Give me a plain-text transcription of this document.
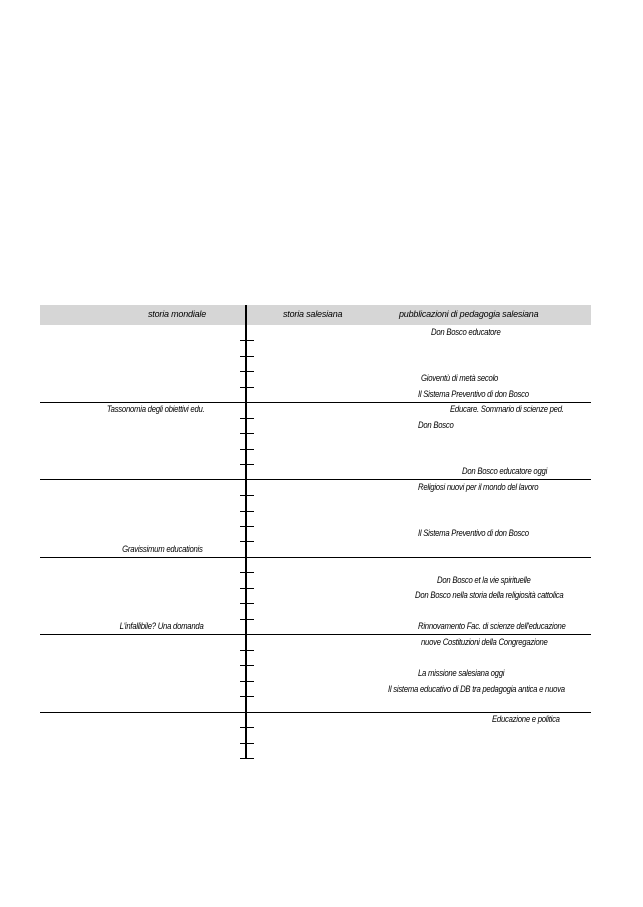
storia mondiale	storia salesiana	pubblicazioni di pedagogia salesiana
Tassonomia degli obiettivi edu.
Gravissimum educationis
L'infallibile? Una domanda
Don Bosco educatore
Gioventù di metà secolo
Il Sistema Preventivo di don Bosco
Educare. Sommario di scienze ped.
Don Bosco
Don Bosco educatore oggi
Religiosi nuovi per il mondo del lavoro
Il Sistema Preventivo di don Bosco
Don Bosco et la vie spirituelle
Don Bosco nella storia della religiosità cattolica
Rinnovamento Fac. di scienze dell'educazione
nuove Costituzioni della Congregazione
La missione salesiana oggi
Il sistema educativo di DB tra pedagogia antica e nuova
Educazione e politica
